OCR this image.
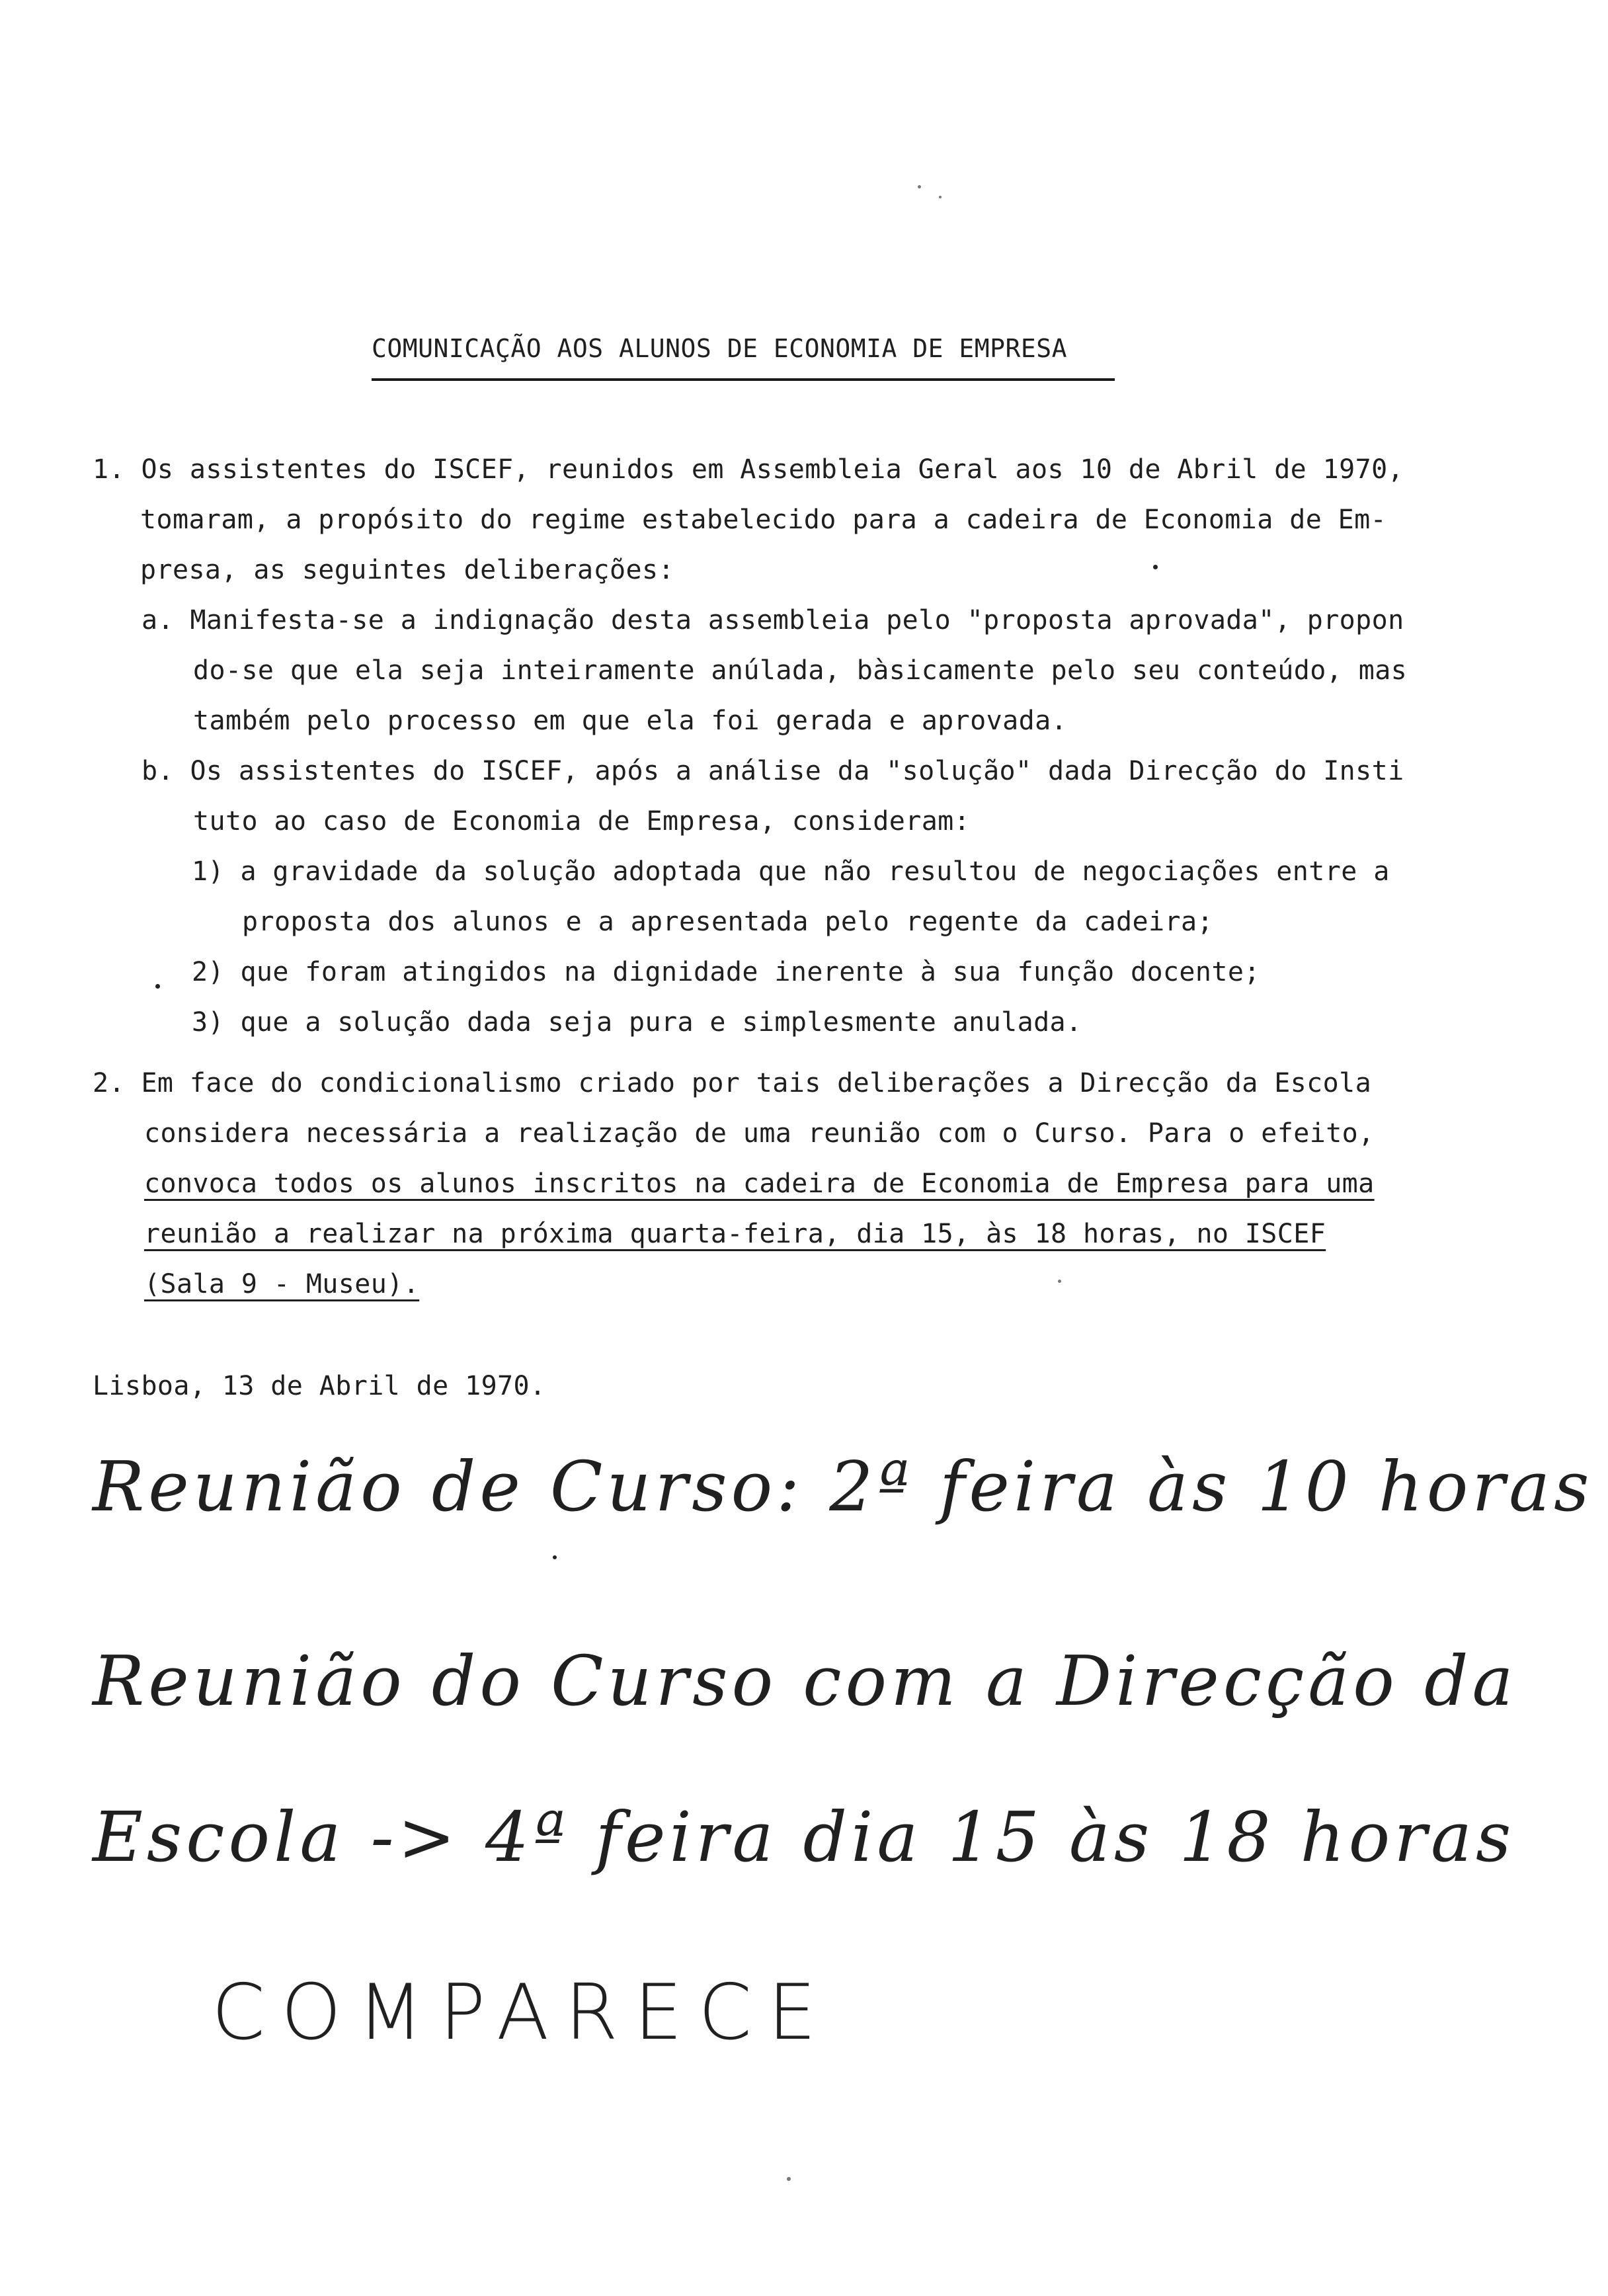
COMUNICAÇÃO AOS ALUNOS DE ECONOMIA DE EMPRESA
1. Os assistentes do ISCEF, reunidos em Assembleia Geral aos 10 de Abril de 1970,
tomaram, a propósito do regime estabelecido para a cadeira de Economia de Em-
presa, as seguintes deliberações:
a. Manifesta-se a indignação desta assembleia pelo "proposta aprovada", propon
do-se que ela seja inteiramente anúlada, bàsicamente pelo seu conteúdo, mas
também pelo processo em que ela foi gerada e aprovada.
b. Os assistentes do ISCEF, após a análise da "solução" dada Direcção do Insti
tuto ao caso de Economia de Empresa, consideram:
1) a gravidade da solução adoptada que não resultou de negociações entre a
proposta dos alunos e a apresentada pelo regente da cadeira;
2) que foram atingidos na dignidade inerente à sua função docente;
3) que a solução dada seja pura e simplesmente anulada.
2. Em face do condicionalismo criado por tais deliberações a Direcção da Escola
considera necessária a realização de uma reunião com o Curso. Para o efeito,
convoca todos os alunos inscritos na cadeira de Economia de Empresa para uma
reunião a realizar na próxima quarta-feira, dia 15, às 18 horas, no ISCEF
(Sala 9 - Museu).
Lisboa, 13 de Abril de 1970.
Reunião de Curso: 2ª feira às 10 horas
Reunião do Curso com a Direcção da
Escola -> 4ª feira dia 15 às 18 horas
COMPARECE
